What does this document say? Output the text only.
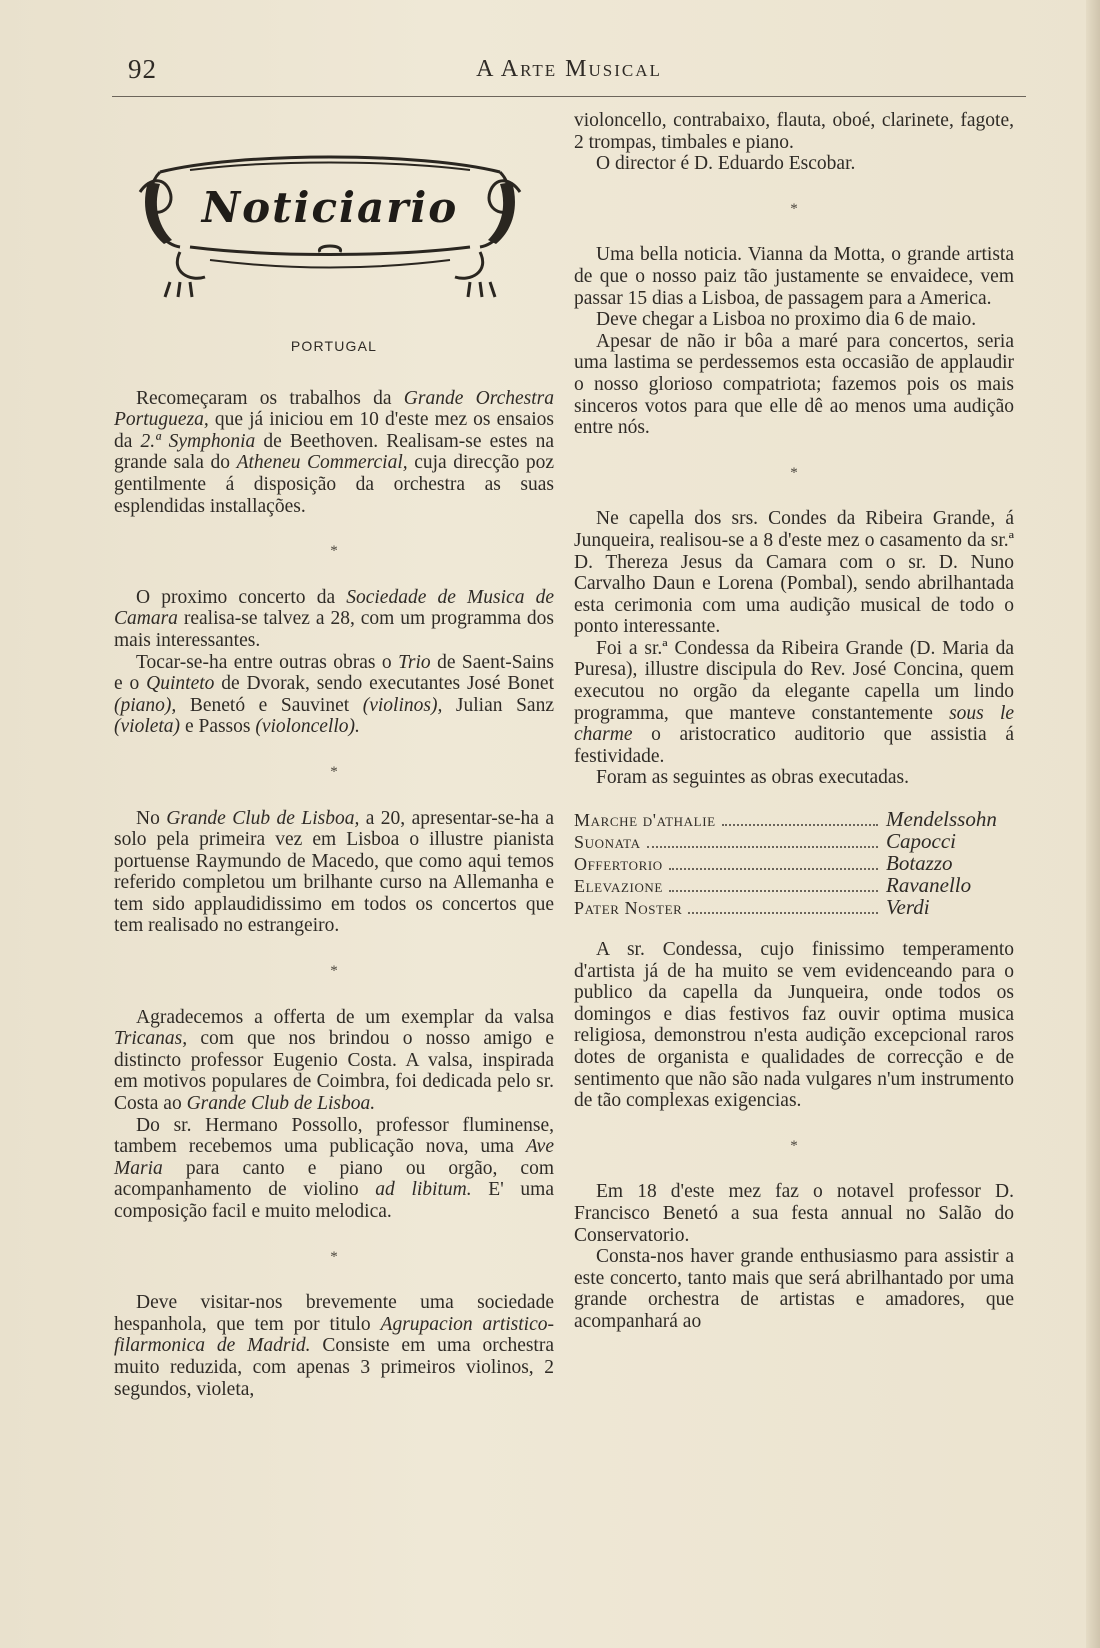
92	A Arte Musical
Noticiario
PORTUGAL

Recomeçaram os trabalhos da Grande Orchestra Portugueza, que já iniciou em 10 d'este mez os ensaios da 2.ª Symphonia de Beethoven. Realisam-se estes na grande sala do Atheneu Commercial, cuja direcção poz gentilmente á disposição da orchestra as suas esplendidas installações.

*

O proximo concerto da Sociedade de Musica de Camara realisa-se talvez a 28, com um programma dos mais interessantes.

Tocar-se-ha entre outras obras o Trio de Saent-Sains e o Quinteto de Dvorak, sendo executantes José Bonet (piano), Benetó e Sauvinet (violinos), Julian Sanz (violeta) e Passos (violoncello).

*

No Grande Club de Lisboa, a 20, apresentar-se-ha a solo pela primeira vez em Lisboa o illustre pianista portuense Raymundo de Macedo, que como aqui temos referido completou um brilhante curso na Allemanha e tem sido applaudidissimo em todos os concertos que tem realisado no estrangeiro.

*

Agradecemos a offerta de um exemplar da valsa Tricanas, com que nos brindou o nosso amigo e distincto professor Eugenio Costa. A valsa, inspirada em motivos populares de Coimbra, foi dedicada pelo sr. Costa ao Grande Club de Lisboa.

Do sr. Hermano Possollo, professor fluminense, tambem recebemos uma publicação nova, uma Ave Maria para canto e piano ou orgão, com acompanhamento de violino ad libitum. E' uma composição facil e muito melodica.

*

Deve visitar-nos brevemente uma sociedade hespanhola, que tem por titulo Agrupacion artistico-filarmonica de Madrid. Consiste em uma orchestra muito reduzida, com apenas 3 primeiros violinos, 2 segundos, violeta,

violoncello, contrabaixo, flauta, oboé, clarinete, fagote, 2 trompas, timbales e piano.

O director é D. Eduardo Escobar.

*

Uma bella noticia. Vianna da Motta, o grande artista de que o nosso paiz tão justamente se envaidece, vem passar 15 dias a Lisboa, de passagem para a America.

Deve chegar a Lisboa no proximo dia 6 de maio.

Apesar de não ir bôa a maré para concertos, seria uma lastima se perdessemos esta occasião de applaudir o nosso glorioso compatriota; fazemos pois os mais sinceros votos para que elle dê ao menos uma audição entre nós.

*

Ne capella dos srs. Condes da Ribeira Grande, á Junqueira, realisou-se a 8 d'este mez o casamento da sr.ª D. Thereza Jesus da Camara com o sr. D. Nuno Carvalho Daun e Lorena (Pombal), sendo abrilhantada esta cerimonia com uma audição musical de todo o ponto interessante.

Foi a sr.ª Condessa da Ribeira Grande (D. Maria da Puresa), illustre discipula do Rev. José Concina, quem executou no orgão da elegante capella um lindo programma, que manteve constantemente sous le charme o aristocratico auditorio que assistia á festividade.

Foram as seguintes as obras executadas.

Marche d'athalie	Mendelssohn
Suonata	Capocci
Offertorio	Botazzo
Elevazione	Ravanello
Pater Noster	Verdi

A sr. Condessa, cujo finissimo temperamento d'artista já de ha muito se vem evidenceando para o publico da capella da Junqueira, onde todos os domingos e dias festivos faz ouvir optima musica religiosa, demonstrou n'esta audição excepcional raros dotes de organista e qualidades de correcção e de sentimento que não são nada vulgares n'um instrumento de tão complexas exigencias.

*

Em 18 d'este mez faz o notavel professor D. Francisco Benetó a sua festa annual no Salão do Conservatorio.

Consta-nos haver grande enthusiasmo para assistir a este concerto, tanto mais que será abrilhantado por uma grande orchestra de artistas e amadores, que acompanhará ao
